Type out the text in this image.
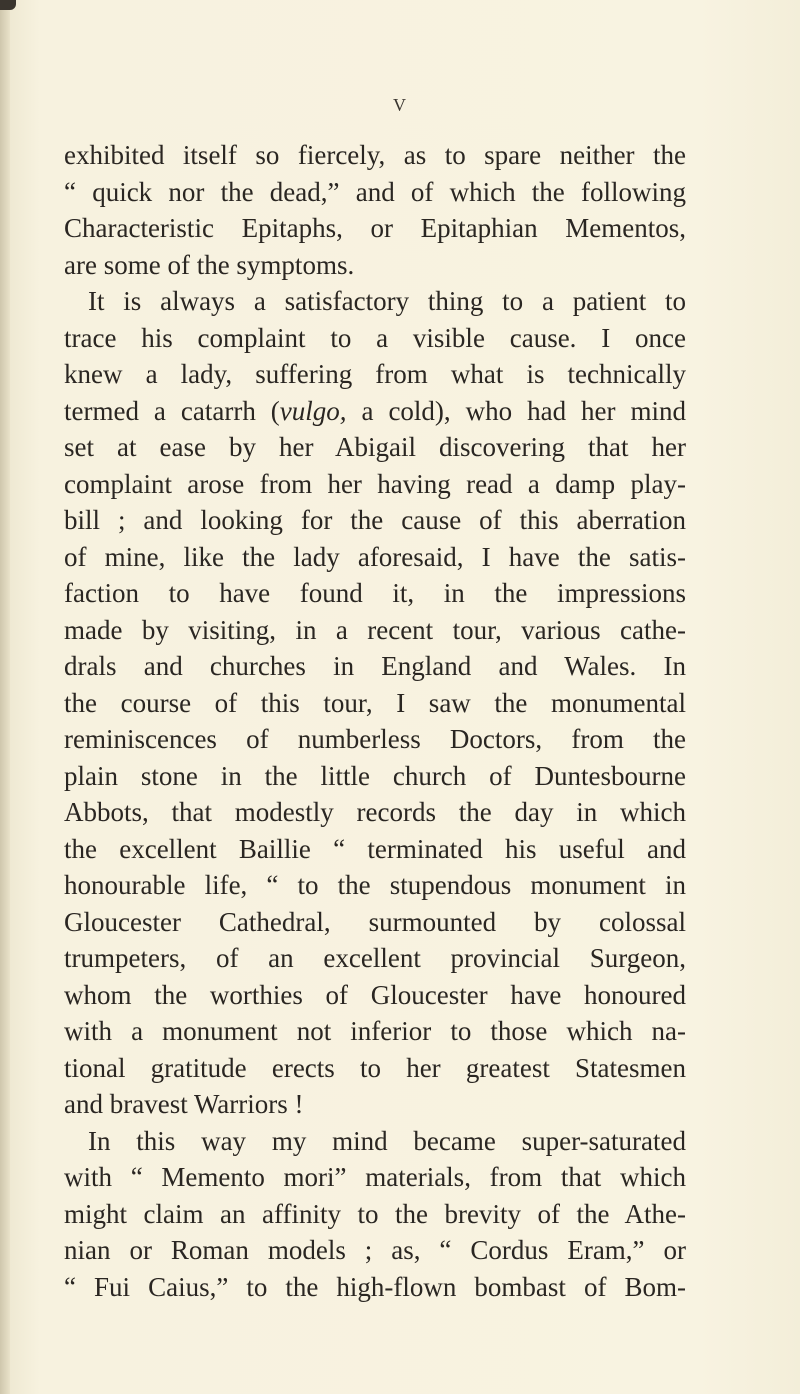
V
exhibited itself so fiercely, as to spare neither the
“ quick nor the dead,” and of which the following
Characteristic Epitaphs, or Epitaphian Mementos,
are some of the symptoms.
It is always a satisfactory thing to a patient to
trace his complaint to a visible cause. I once
knew a lady, suffering from what is technically
termed a catarrh (vulgo, a cold), who had her mind
set at ease by her Abigail discovering that her
complaint arose from her having read a damp play-
bill ; and looking for the cause of this aberration
of mine, like the lady aforesaid, I have the satis-
faction to have found it, in the impressions
made by visiting, in a recent tour, various cathe-
drals and churches in England and Wales. In
the course of this tour, I saw the monumental
reminiscences of numberless Doctors, from the
plain stone in the little church of Duntesbourne
Abbots, that modestly records the day in which
the excellent Baillie “ terminated his useful and
honourable life, “ to the stupendous monument in
Gloucester Cathedral, surmounted by colossal
trumpeters, of an excellent provincial Surgeon,
whom the worthies of Gloucester have honoured
with a monument not inferior to those which na-
tional gratitude erects to her greatest Statesmen
and bravest Warriors !
In this way my mind became super-saturated
with “ Memento mori” materials, from that which
might claim an affinity to the brevity of the Athe-
nian or Roman models ; as, “ Cordus Eram,” or
“ Fui Caius,” to the high-flown bombast of Bom-
